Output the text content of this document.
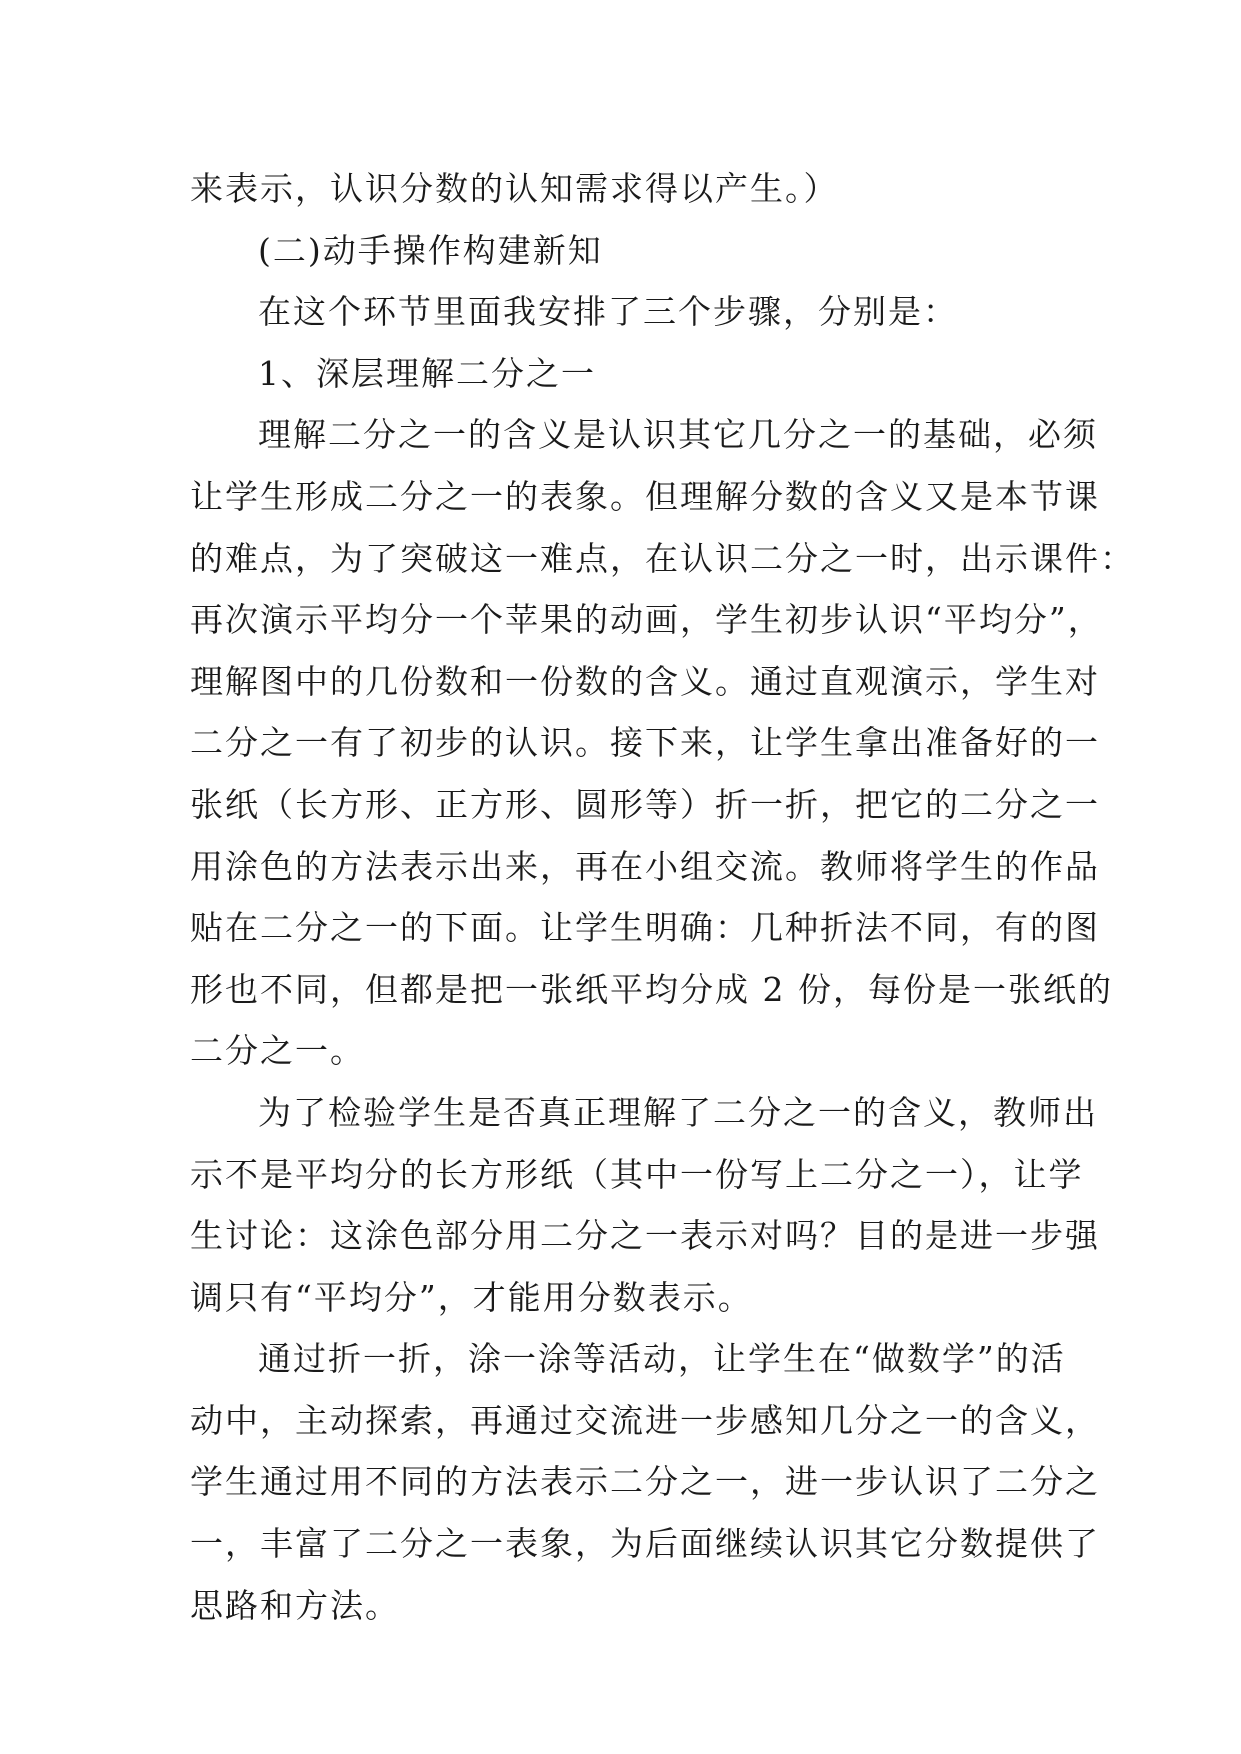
来表示，认识分数的认知需求得以产生。）
(二)动手操作构建新知
在这个环节里面我安排了三个步骤，分别是：
1、深层理解二分之一
理解二分之一的含义是认识其它几分之一的基础，必须
让学生形成二分之一的表象。但理解分数的含义又是本节课
的难点，为了突破这一难点，在认识二分之一时，出示课件：
再次演示平均分一个苹果的动画，学生初步认识“平均分”，
理解图中的几份数和一份数的含义。通过直观演示，学生对
二分之一有了初步的认识。接下来，让学生拿出准备好的一
张纸（长方形、正方形、圆形等）折一折，把它的二分之一
用涂色的方法表示出来，再在小组交流。教师将学生的作品
贴在二分之一的下面。让学生明确：几种折法不同，有的图
形也不同，但都是把一张纸平均分成 2 份，每份是一张纸的
二分之一。
为了检验学生是否真正理解了二分之一的含义，教师出
示不是平均分的长方形纸（其中一份写上二分之一），让学
生讨论：这涂色部分用二分之一表示对吗？目的是进一步强
调只有“平均分”，才能用分数表示。
通过折一折，涂一涂等活动，让学生在“做数学”的活
动中，主动探索，再通过交流进一步感知几分之一的含义，
学生通过用不同的方法表示二分之一，进一步认识了二分之
一，丰富了二分之一表象，为后面继续认识其它分数提供了
思路和方法。
